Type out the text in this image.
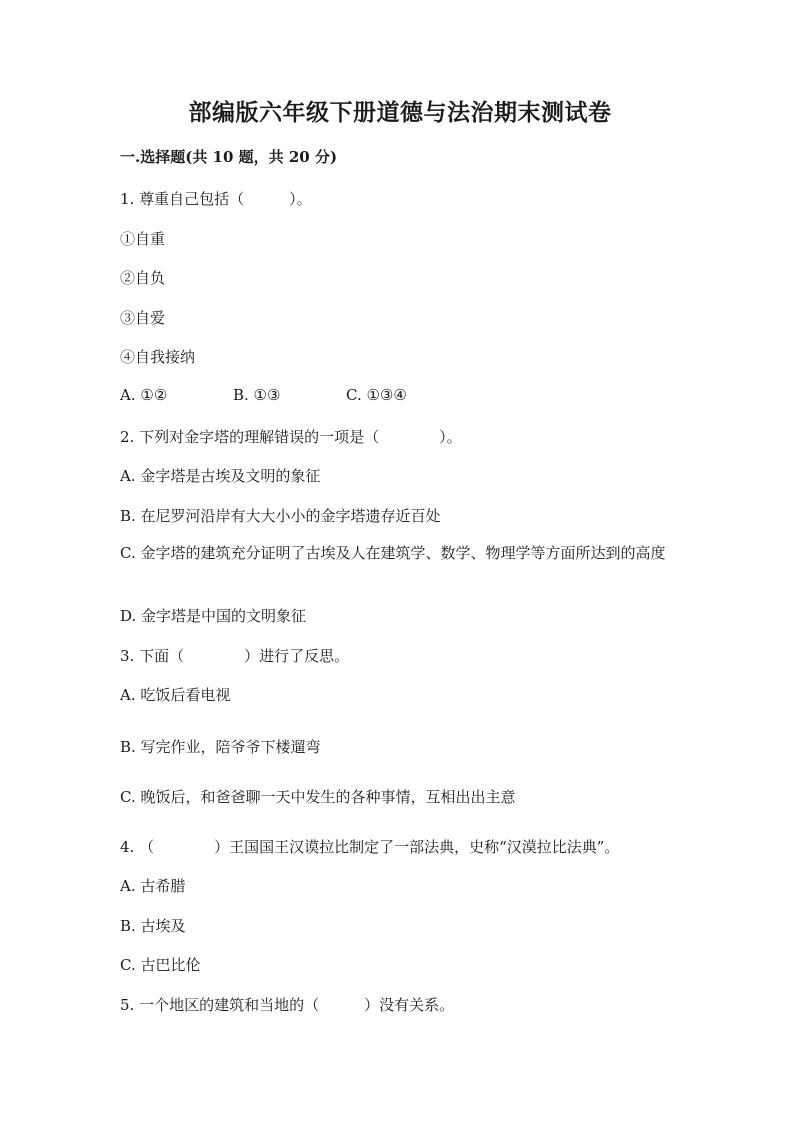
部编版六年级下册道德与法治期末测试卷
一.选择题(共 10 题，共 20 分)
1. 尊重自己包括（　　　）。
①自重
②自负
③自爱
④自我接纳
A. ①②	B. ①③	C. ①③④
2. 下列对金字塔的理解错误的一项是（　　　　）。
A. 金字塔是古埃及文明的象征
B. 在尼罗河沿岸有大大小小的金字塔遗存近百处
C. 金字塔的建筑充分证明了古埃及人在建筑学、数学、物理学等方面所达到的高度
D. 金字塔是中国的文明象征
3. 下面（　　　　）进行了反思。
A. 吃饭后看电视
B. 写完作业，陪爷爷下楼遛弯
C. 晚饭后，和爸爸聊一天中发生的各种事情，互相出出主意
4. （　　　　）王国国王汉谟拉比制定了一部法典，史称“汉漠拉比法典”。
A. 古希腊
B. 古埃及
C. 古巴比伦
5. 一个地区的建筑和当地的（　　　）没有关系。
